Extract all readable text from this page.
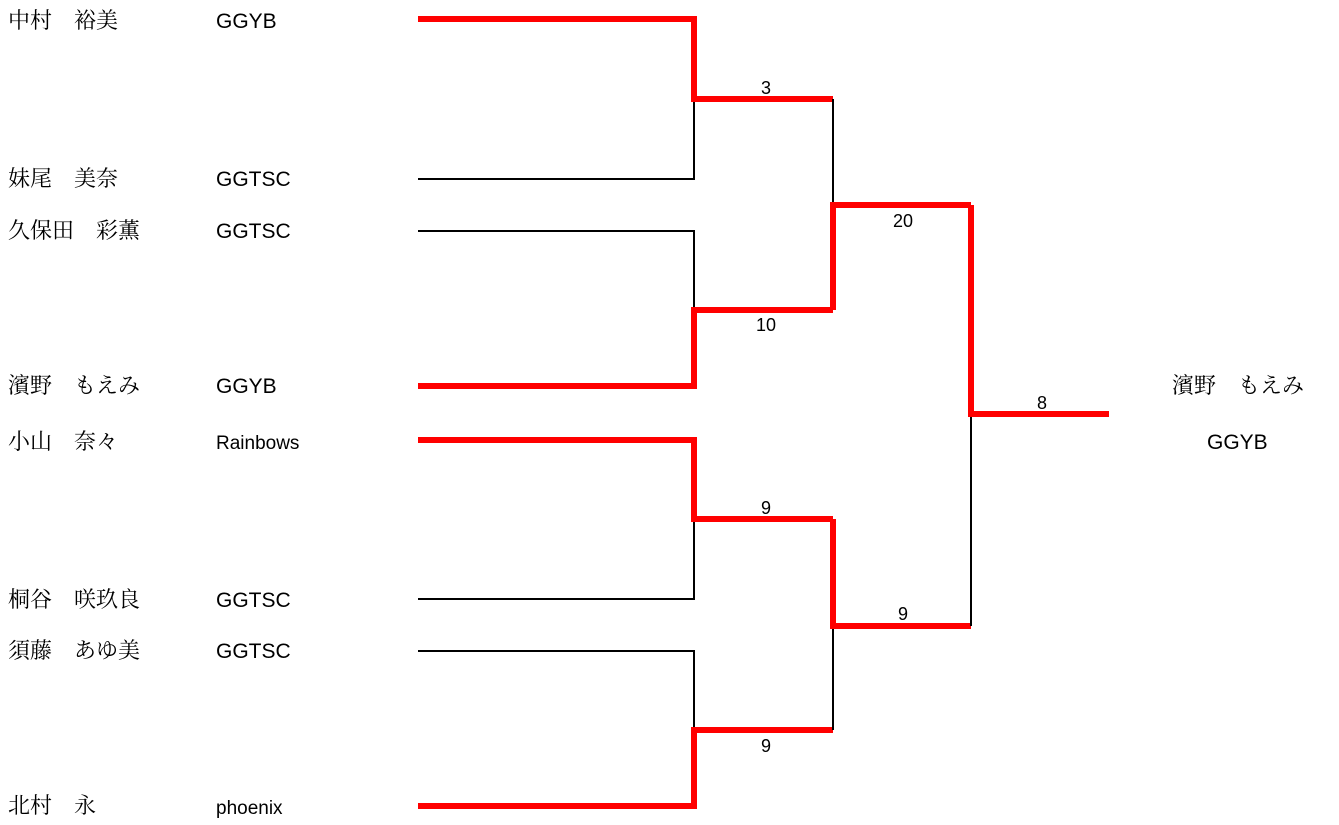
中村　裕美	GGYB
妹尾　美奈	GGTSC
久保田　彩薫	GGTSC
濱野　もえみ	GGYB
小山　奈々	Rainbows
桐谷　咲玖良	GGTSC
須藤　あゆ美	GGTSC
北村　永	phoenix
3
10
9
9
20
9
8
濱野　もえみ
GGYB
